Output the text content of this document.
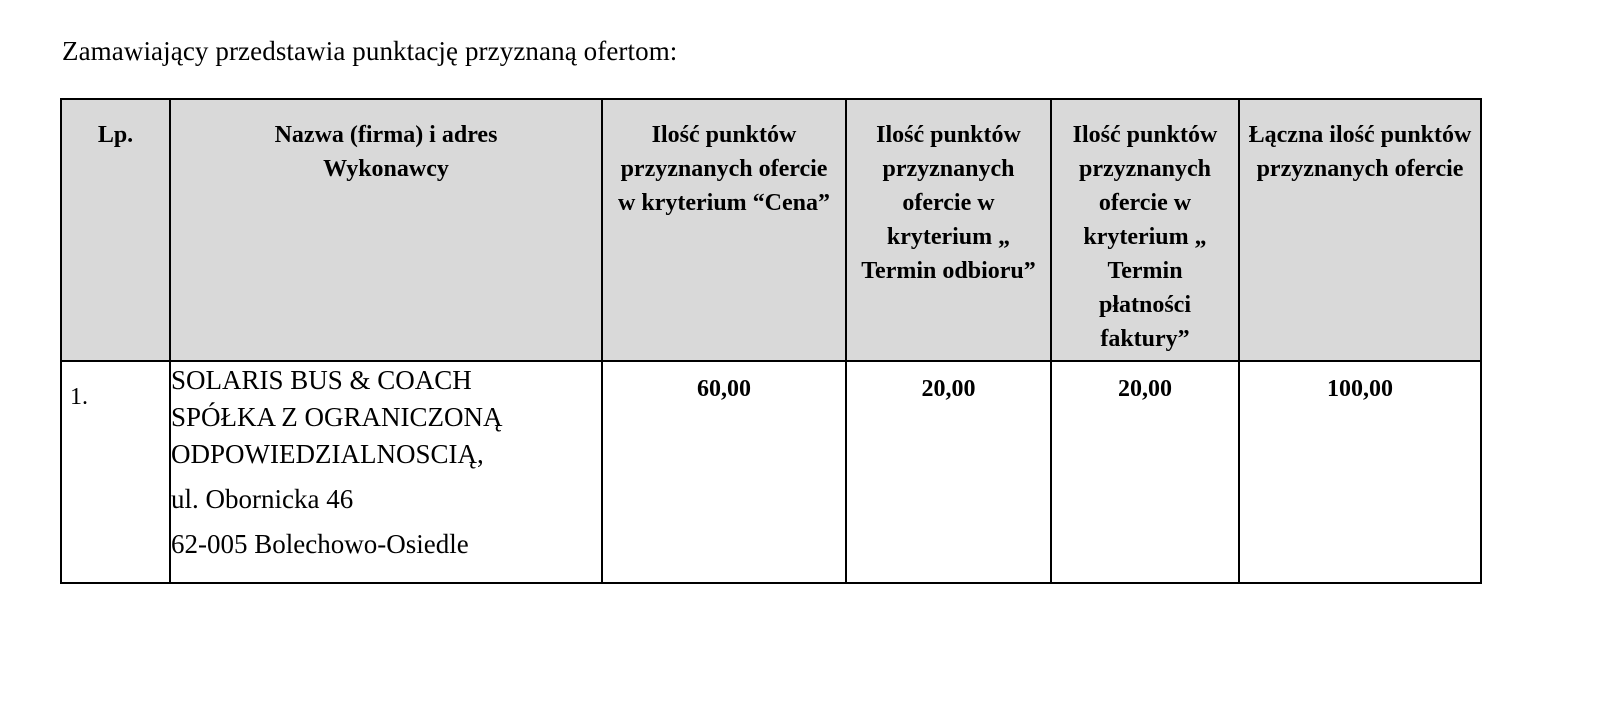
Zamawiający przedstawia punktację przyznaną ofertom:

Lp.	Nazwa (firma) i adres Wykonawcy	Ilość punktów przyznanych ofercie w kryterium “Cena”	Ilość punktów przyznanych ofercie w kryterium „ Termin odbioru”	Ilość punktów przyznanych ofercie w kryterium „ Termin płatności faktury”	Łączna ilość punktów przyznanych ofercie

1.	SOLARIS BUS & COACH
SPÓŁKA Z OGRANICZONĄ
ODPOWIEDZIALNOSCIĄ,
ul. Obornicka 46
62-005 Bolechowo-Osiedle	60,00	20,00	20,00	100,00
